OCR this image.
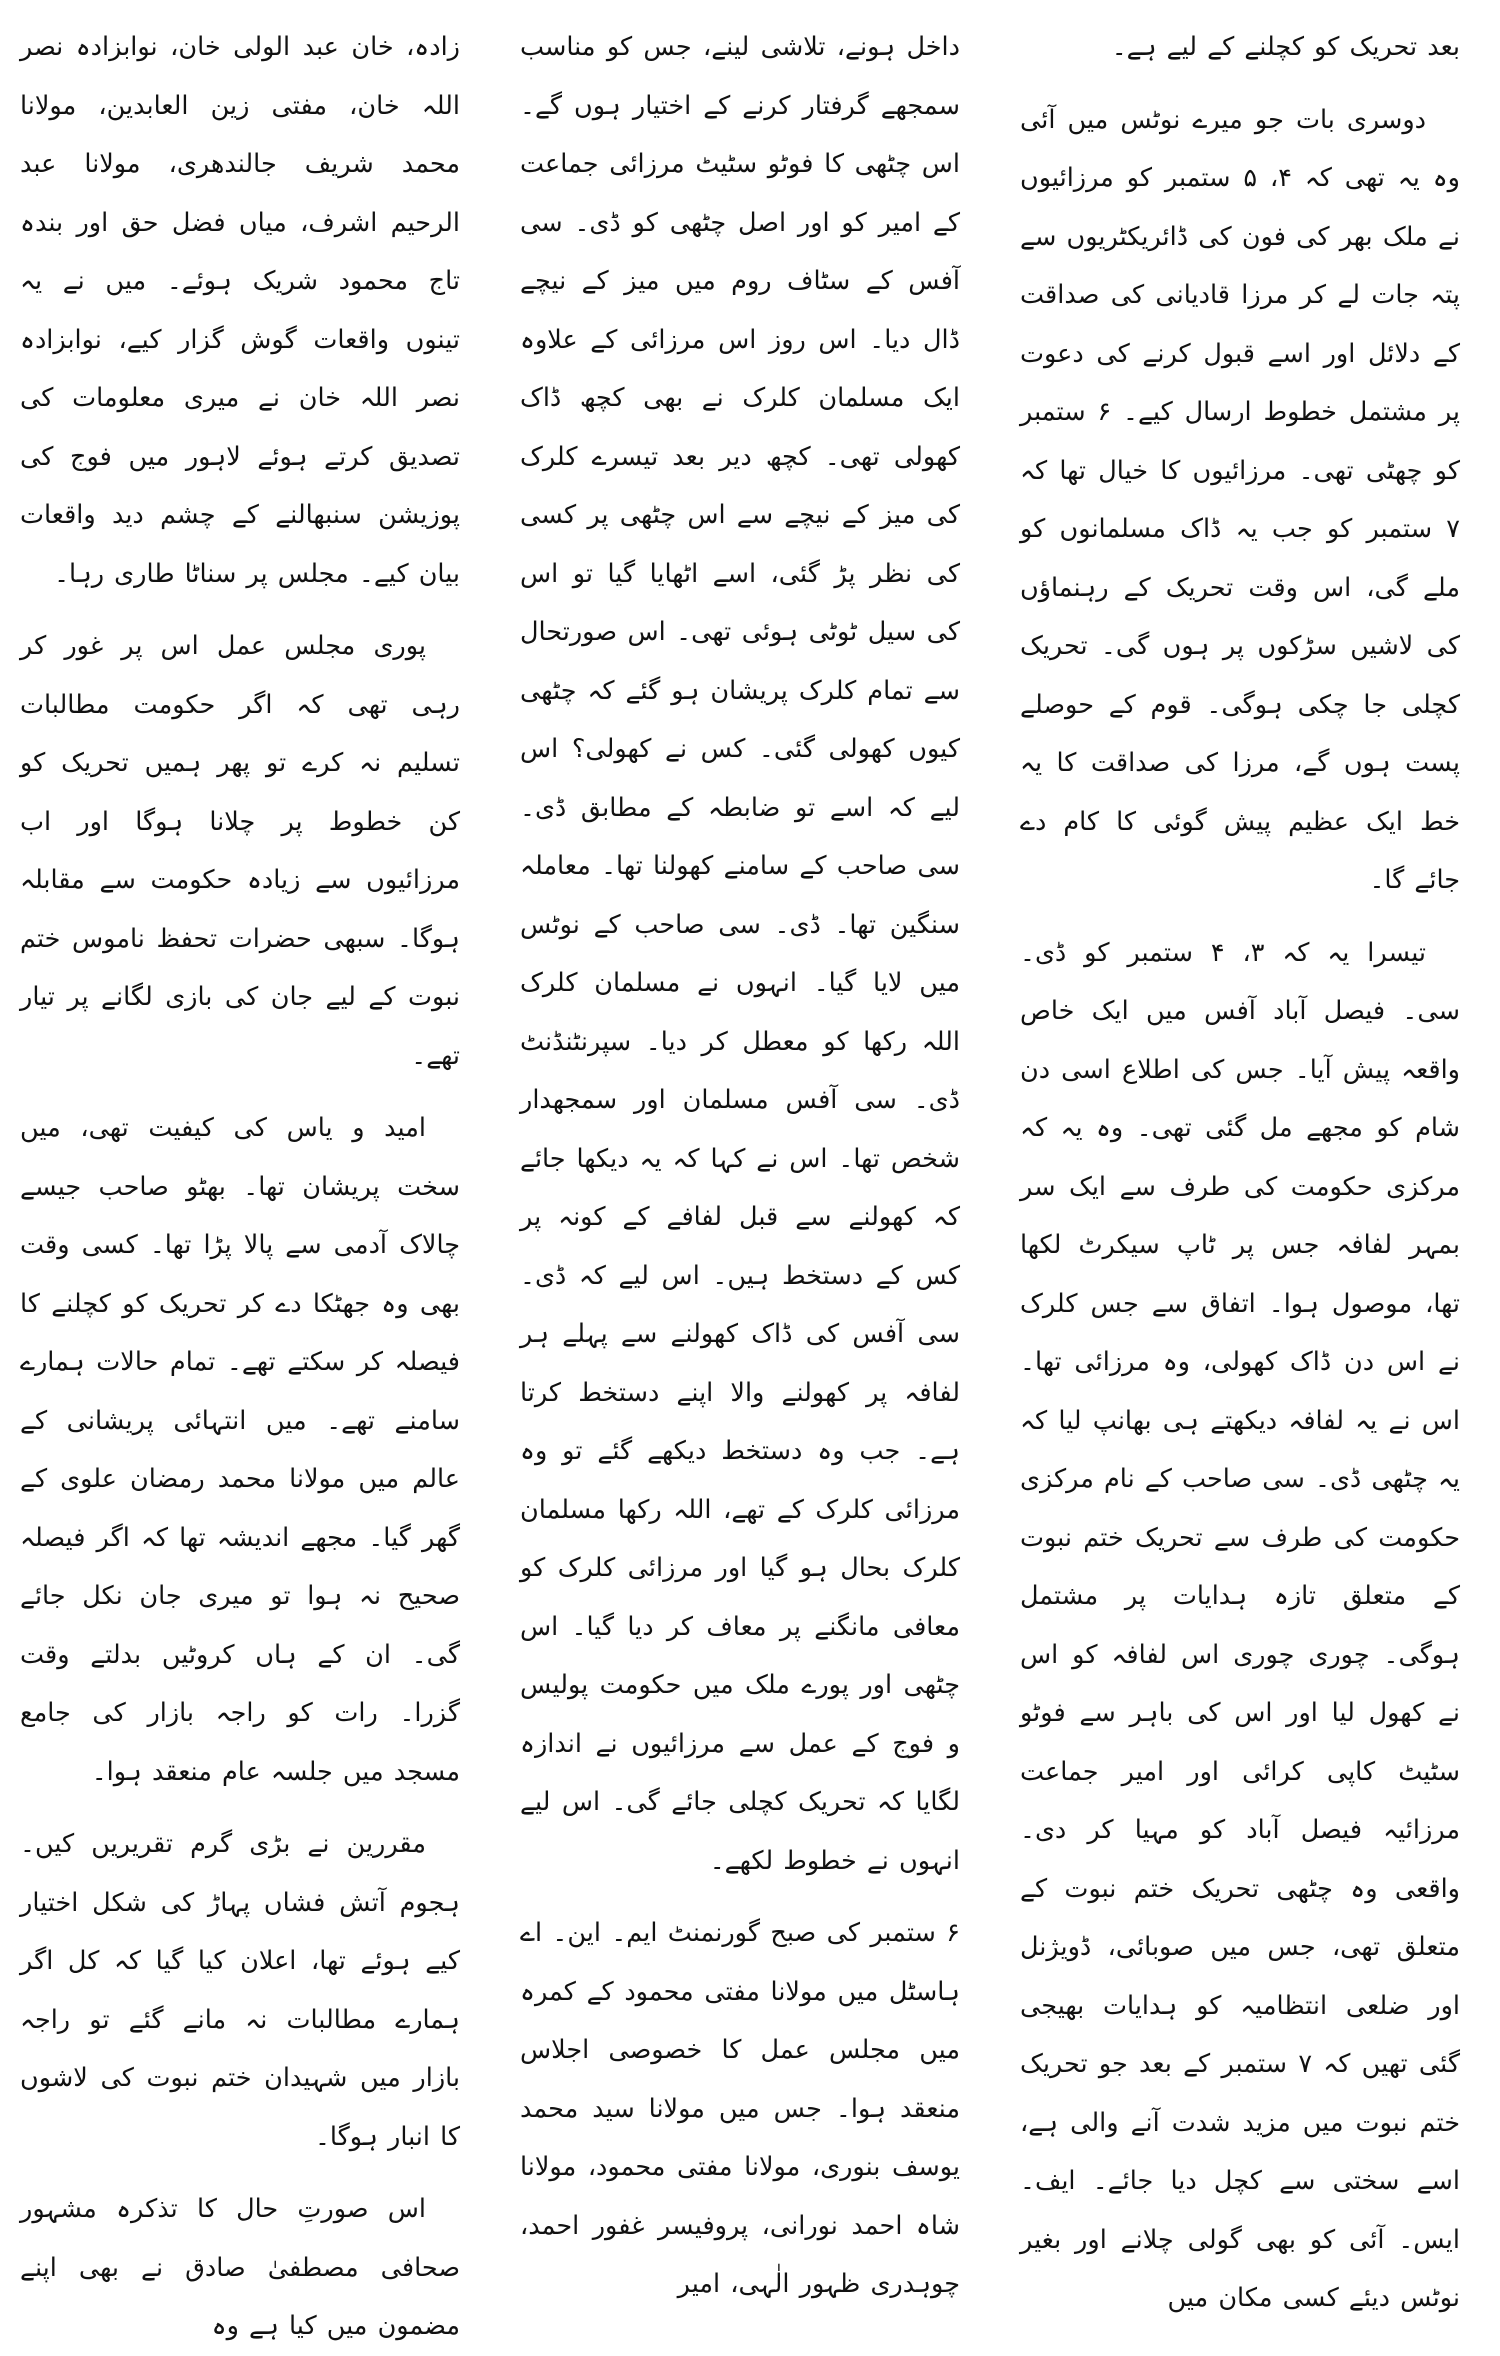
بعد تحریک کو کچلنے کے لیے ہے۔

دوسری بات جو میرے نوٹس میں آئی وہ یہ تھی کہ ۴، ۵ ستمبر کو مرزائیوں نے ملک بھر کی فون کی ڈائریکٹریوں سے پتہ جات لے کر مرزا قادیانی کی صداقت کے دلائل اور اسے قبول کرنے کی دعوت پر مشتمل خطوط ارسال کیے۔ ۶ ستمبر کو چھٹی تھی۔ مرزائیوں کا خیال تھا کہ ۷ ستمبر کو جب یہ ڈاک مسلمانوں کو ملے گی، اس وقت تحریک کے رہنماؤں کی لاشیں سڑکوں پر ہوں گی۔ تحریک کچلی جا چکی ہوگی۔ قوم کے حوصلے پست ہوں گے، مرزا کی صداقت کا یہ خط ایک عظیم پیش گوئی کا کام دے جائے گا۔

تیسرا یہ کہ ۳، ۴ ستمبر کو ڈی۔ سی۔ فیصل آباد آفس میں ایک خاص واقعہ پیش آیا۔ جس کی اطلاع اسی دن شام کو مجھے مل گئی تھی۔ وہ یہ کہ مرکزی حکومت کی طرف سے ایک سر بمہر لفافہ جس پر ٹاپ سیکرٹ لکھا تھا، موصول ہوا۔ اتفاق سے جس کلرک نے اس دن ڈاک کھولی، وہ مرزائی تھا۔ اس نے یہ لفافہ دیکھتے ہی بھانپ لیا کہ یہ چٹھی ڈی۔ سی صاحب کے نام مرکزی حکومت کی طرف سے تحریک ختم نبوت کے متعلق تازہ ہدایات پر مشتمل ہوگی۔ چوری چوری اس لفافہ کو اس نے کھول لیا اور اس کی باہر سے فوٹو سٹیٹ کاپی کرائی اور امیر جماعت مرزائیہ فیصل آباد کو مہیا کر دی۔ واقعی وہ چٹھی تحریک ختم نبوت کے متعلق تھی، جس میں صوبائی، ڈویژنل اور ضلعی انتظامیہ کو ہدایات بھیجی گئی تھیں کہ ۷ ستمبر کے بعد جو تحریک ختم نبوت میں مزید شدت آنے والی ہے، اسے سختی سے کچل دیا جائے۔ ایف۔ ایس۔ آئی کو بھی گولی چلانے اور بغیر نوٹس دیئے کسی مکان میں

داخل ہونے، تلاشی لینے، جس کو مناسب سمجھے گرفتار کرنے کے اختیار ہوں گے۔ اس چٹھی کا فوٹو سٹیٹ مرزائی جماعت کے امیر کو اور اصل چٹھی کو ڈی۔ سی آفس کے سٹاف روم میں میز کے نیچے ڈال دیا۔ اس روز اس مرزائی کے علاوہ ایک مسلمان کلرک نے بھی کچھ ڈاک کھولی تھی۔ کچھ دیر بعد تیسرے کلرک کی میز کے نیچے سے اس چٹھی پر کسی کی نظر پڑ گئی، اسے اٹھایا گیا تو اس کی سیل ٹوٹی ہوئی تھی۔ اس صورتحال سے تمام کلرک پریشان ہو گئے کہ چٹھی کیوں کھولی گئی۔ کس نے کھولی؟ اس لیے کہ اسے تو ضابطہ کے مطابق ڈی۔ سی صاحب کے سامنے کھولنا تھا۔ معاملہ سنگین تھا۔ ڈی۔ سی صاحب کے نوٹس میں لایا گیا۔ انہوں نے مسلمان کلرک اللہ رکھا کو معطل کر دیا۔ سپرنٹنڈنٹ ڈی۔ سی آفس مسلمان اور سمجھدار شخص تھا۔ اس نے کہا کہ یہ دیکھا جائے کہ کھولنے سے قبل لفافے کے کونہ پر کس کے دستخط ہیں۔ اس لیے کہ ڈی۔ سی آفس کی ڈاک کھولنے سے پہلے ہر لفافہ پر کھولنے والا اپنے دستخط کرتا ہے۔ جب وہ دستخط دیکھے گئے تو وہ مرزائی کلرک کے تھے، اللہ رکھا مسلمان کلرک بحال ہو گیا اور مرزائی کلرک کو معافی مانگنے پر معاف کر دیا گیا۔ اس چٹھی اور پورے ملک میں حکومت پولیس و فوج کے عمل سے مرزائیوں نے اندازہ لگایا کہ تحریک کچلی جائے گی۔ اس لیے انہوں نے خطوط لکھے۔

۶ ستمبر کی صبح گورنمنٹ ایم۔ این۔ اے ہاسٹل میں مولانا مفتی محمود کے کمرہ میں مجلس عمل کا خصوصی اجلاس منعقد ہوا۔ جس میں مولانا سید محمد یوسف بنوری، مولانا مفتی محمود، مولانا شاہ احمد نورانی، پروفیسر غفور احمد، چوہدری ظہور الٰہی، امیر

زادہ، خان عبد الولی خان، نوابزادہ نصر اللہ خان، مفتی زین العابدین، مولانا محمد شریف جالندھری، مولانا عبد الرحیم اشرف، میاں فضل حق اور بندہ تاج محمود شریک ہوئے۔ میں نے یہ تینوں واقعات گوش گزار کیے، نوابزادہ نصر اللہ خان نے میری معلومات کی تصدیق کرتے ہوئے لاہور میں فوج کی پوزیشن سنبھالنے کے چشم دید واقعات بیان کیے۔ مجلس پر سناٹا طاری رہا۔

پوری مجلس عمل اس پر غور کر رہی تھی کہ اگر حکومت مطالبات تسلیم نہ کرے تو پھر ہمیں تحریک کو کن خطوط پر چلانا ہوگا اور اب مرزائیوں سے زیادہ حکومت سے مقابلہ ہوگا۔ سبھی حضرات تحفظ ناموس ختم نبوت کے لیے جان کی بازی لگانے پر تیار تھے۔

امید و یاس کی کیفیت تھی، میں سخت پریشان تھا۔ بھٹو صاحب جیسے چالاک آدمی سے پالا پڑا تھا۔ کسی وقت بھی وہ جھٹکا دے کر تحریک کو کچلنے کا فیصلہ کر سکتے تھے۔ تمام حالات ہمارے سامنے تھے۔ میں انتہائی پریشانی کے عالم میں مولانا محمد رمضان علوی کے گھر گیا۔ مجھے اندیشہ تھا کہ اگر فیصلہ صحیح نہ ہوا تو میری جان نکل جائے گی۔ ان کے ہاں کروٹیں بدلتے وقت گزرا۔ رات کو راجہ بازار کی جامع مسجد میں جلسہ عام منعقد ہوا۔

مقررین نے بڑی گرم تقریریں کیں۔ ہجوم آتش فشاں پہاڑ کی شکل اختیار کیے ہوئے تھا، اعلان کیا گیا کہ کل اگر ہمارے مطالبات نہ مانے گئے تو راجہ بازار میں شہیدان ختم نبوت کی لاشوں کا انبار ہوگا۔

اس صورتِ حال کا تذکرہ مشہور صحافی مصطفیٰ صادق نے بھی اپنے مضمون میں کیا ہے وہ
